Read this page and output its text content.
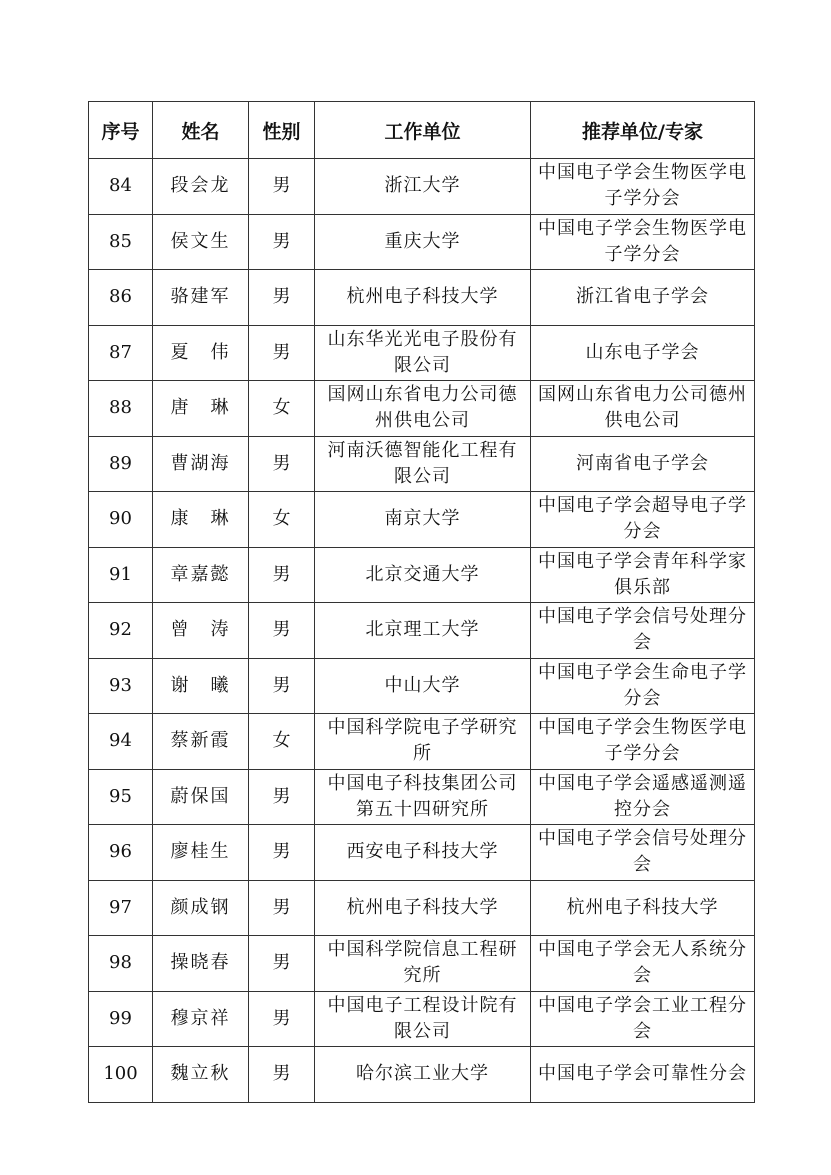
序号	姓名	性别	工作单位	推荐单位/专家
84	段会龙	男	浙江大学	中国电子学会生物医学电子学分会
85	侯文生	男	重庆大学	中国电子学会生物医学电子学分会
86	骆建军	男	杭州电子科技大学	浙江省电子学会
87	夏　伟	男	山东华光光电子股份有限公司	山东电子学会
88	唐　琳	女	国网山东省电力公司德州供电公司	国网山东省电力公司德州供电公司
89	曹湖海	男	河南沃德智能化工程有限公司	河南省电子学会
90	康　琳	女	南京大学	中国电子学会超导电子学分会
91	章嘉懿	男	北京交通大学	中国电子学会青年科学家俱乐部
92	曾　涛	男	北京理工大学	中国电子学会信号处理分会
93	谢　曦	男	中山大学	中国电子学会生命电子学分会
94	蔡新霞	女	中国科学院电子学研究所	中国电子学会生物医学电子学分会
95	蔚保国	男	中国电子科技集团公司第五十四研究所	中国电子学会遥感遥测遥控分会
96	廖桂生	男	西安电子科技大学	中国电子学会信号处理分会
97	颜成钢	男	杭州电子科技大学	杭州电子科技大学
98	操晓春	男	中国科学院信息工程研究所	中国电子学会无人系统分会
99	穆京祥	男	中国电子工程设计院有限公司	中国电子学会工业工程分会
100	魏立秋	男	哈尔滨工业大学	中国电子学会可靠性分会
